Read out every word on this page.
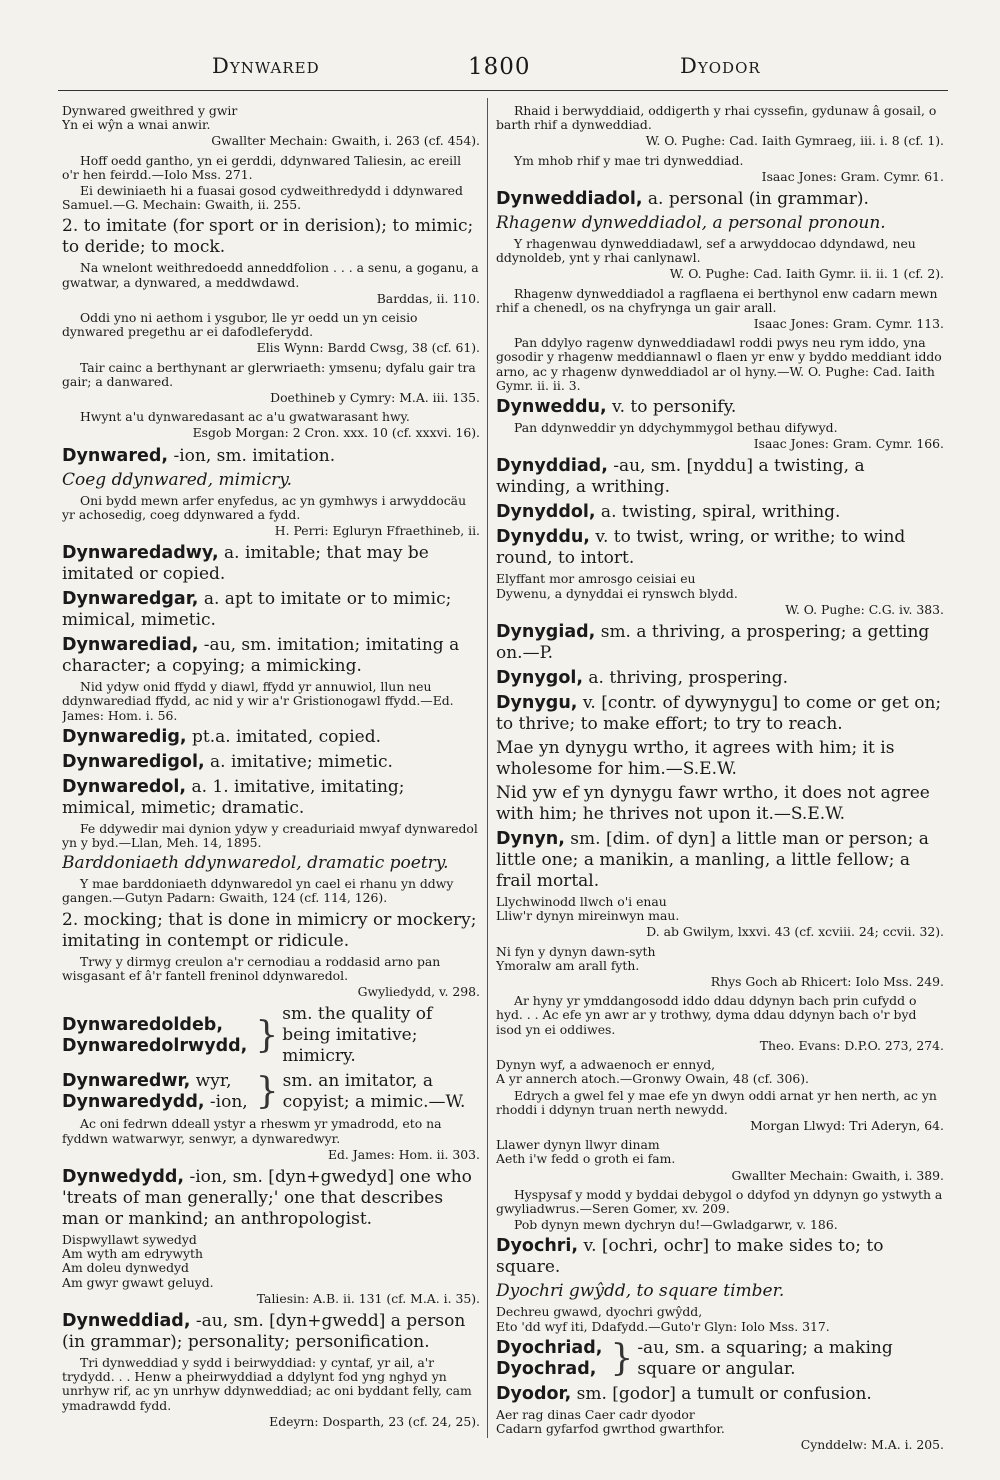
Dynwared	1800	Dyodor
Dynwared gweithred y gwir
Yn ei wŷn a wnai anwir.
Gwallter Mechain: Gwaith, i. 263 (cf. 454).
Hoff oedd gantho, yn ei gerddi, ddynwared Taliesin, ac ereill o'r hen feirdd.—Iolo Mss. 271.
Ei dewiniaeth hi a fuasai gosod cydweithredydd i ddynwared Samuel.—G. Mechain: Gwaith, ii. 255.
2. to imitate (for sport or in derision); to mimic; to deride; to mock.
Na wnelont weithredoedd anneddfolion . . . a senu, a goganu, a gwatwar, a dynwared, a meddwdawd.
Barddas, ii. 110.
Oddi yno ni aethom i ysgubor, lle yr oedd un yn ceisio dynwared pregethu ar ei dafodleferydd.
Elis Wynn: Bardd Cwsg, 38 (cf. 61).
Tair cainc a berthynant ar glerwriaeth: ymsenu; dyfalu gair tra gair; a danwared.
Doethineb y Cymry: M.A. iii. 135.
Hwynt a'u dynwaredasant ac a'u gwatwarasant hwy.
Esgob Morgan: 2 Cron. xxx. 10 (cf. xxxvi. 16).
Dynwared, -ion, sm. imitation.
Coeg ddynwared, mimicry.
Oni bydd mewn arfer enyfedus, ac yn gymhwys i arwyddocäu yr achosedig, coeg ddynwared a fydd.
H. Perri: Egluryn Ffraethineb, ii.
Dynwaredadwy, a. imitable; that may be imitated or copied.
Dynwaredgar, a. apt to imitate or to mimic; mimical, mimetic.
Dynwarediad, -au, sm. imitation; imitating a character; a copying; a mimicking.
Nid ydyw onid ffydd y diawl, ffydd yr annuwiol, llun neu ddynwarediad ffydd, ac nid y wir a'r Gristionogawl ffydd.—Ed. James: Hom. i. 56.
Dynwaredig, pt.a. imitated, copied.
Dynwaredigol, a. imitative; mimetic.
Dynwaredol, a. 1. imitative, imitating; mimical, mimetic; dramatic.
Fe ddywedir mai dynion ydyw y creaduriaid mwyaf dynwaredol yn y byd.—Llan, Meh. 14, 1895.
Barddoniaeth ddynwaredol, dramatic poetry.
Y mae barddoniaeth ddynwaredol yn cael ei rhanu yn ddwy gangen.—Gutyn Padarn: Gwaith, 124 (cf. 114, 126).
2. mocking; that is done in mimicry or mockery; imitating in contempt or ridicule.
Trwy y dirmyg creulon a'r cernodiau a roddasid arno pan wisgasant ef â'r fantell freninol ddynwaredol.
Gwyliedydd, v. 298.
Dynwaredoldeb,
Dynwaredolrwydd, }
sm. the quality of being imitative; mimicry.
Dynwaredwr, wyr,
Dynwaredydd, -ion, } sm. an imitator, a copyist; a mimic.—W.
Ac oni fedrwn ddeall ystyr a rheswm yr ymadrodd, eto na fyddwn watwarwyr, senwyr, a dynwaredwyr.
Ed. James: Hom. ii. 303.
Dynwedydd, -ion, sm. [dyn+gwedyd] one who 'treats of man generally;' one that describes man or mankind; an anthropologist.
Dispwyllawt sywedyd
Am wyth am edrywyth
Am doleu dynwedyd
Am gwyr gwawt geluyd.
Taliesin: A.B. ii. 131 (cf. M.A. i. 35).
Dynweddiad, -au, sm. [dyn+gwedd] a person (in grammar); personality; personification.
Tri dynweddiad y sydd i beirwyddiad: y cyntaf, yr ail, a'r trydydd. . . Henw a pheirwyddiad a ddylynt fod yng nghyd yn unrhyw rif, ac yn unrhyw ddynweddiad; ac oni byddant felly, cam ymadrawdd fydd.
Edeyrn: Dosparth, 23 (cf. 24, 25).
Rhaid i berwyddiaid, oddigerth y rhai cyssefin, gydunaw â gosail, o barth rhif a dynweddiad.
W. O. Pughe: Cad. Iaith Gymraeg, iii. i. 8 (cf. 1).
Ym mhob rhif y mae tri dynweddiad.
Isaac Jones: Gram. Cymr. 61.
Dynweddiadol, a. personal (in grammar).
Rhagenw dynweddiadol, a personal pronoun.
Y rhagenwau dynweddiadawl, sef a arwyddocao ddyndawd, neu ddynoldeb, ynt y rhai canlynawl.
W. O. Pughe: Cad. Iaith Gymr. ii. ii. 1 (cf. 2).
Rhagenw dynweddiadol a ragflaena ei berthynol enw cadarn mewn rhif a chenedl, os na chyfrynga un gair arall.
Isaac Jones: Gram. Cymr. 113.
Pan ddylyo ragenw dynweddiadawl roddi pwys neu rym iddo, yna gosodir y rhagenw meddiannawl o flaen yr enw y byddo meddiant iddo arno, ac y rhagenw dynweddiadol ar ol hyny.—W. O. Pughe: Cad. Iaith Gymr. ii. ii. 3.
Dynweddu, v. to personify.
Pan ddynweddir yn ddychymmygol bethau difywyd.
Isaac Jones: Gram. Cymr. 166.
Dynyddiad, -au, sm. [nyddu] a twisting, a winding, a writhing.
Dynyddol, a. twisting, spiral, writhing.
Dynyddu, v. to twist, wring, or writhe; to wind round, to intort.
Elyffant mor amrosgo ceisiai eu
Dywenu, a dynyddai ei rynswch blydd.
W. O. Pughe: C.G. iv. 383.
Dynygiad, sm. a thriving, a prospering; a getting on.—P.
Dynygol, a. thriving, prospering.
Dynygu, v. [contr. of dywynygu] to come or get on; to thrive; to make effort; to try to reach.
Mae yn dynygu wrtho, it agrees with him; it is wholesome for him.—S.E.W.
Nid yw ef yn dynygu fawr wrtho, it does not agree with him; he thrives not upon it.—S.E.W.
Dynyn, sm. [dim. of dyn] a little man or person; a little one; a manikin, a manling, a little fellow; a frail mortal.
Llychwinodd llwch o'i enau
Lliw'r dynyn mireinwyn mau.
D. ab Gwilym, lxxvi. 43 (cf. xcviii. 24; ccvii. 32).
Ni fyn y dynyn dawn-syth
Ymoralw am arall fyth.
Rhys Goch ab Rhicert: Iolo Mss. 249.
Ar hyny yr ymddangosodd iddo ddau ddynyn bach prin cufydd o hyd. . . Ac efe yn awr ar y trothwy, dyma ddau ddynyn bach o'r byd isod yn ei oddiwes.
Theo. Evans: D.P.O. 273, 274.
Dynyn wyf, a adwaenoch er ennyd,
A yr annerch atoch.—Gronwy Owain, 48 (cf. 306).
Edrych a gwel fel y mae efe yn dwyn oddi arnat yr hen nerth, ac yn rhoddi i ddynyn truan nerth newydd.
Morgan Llwyd: Tri Aderyn, 64.
Llawer dynyn llwyr dinam
Aeth i'w fedd o groth ei fam.
Gwallter Mechain: Gwaith, i. 389.
Hyspysaf y modd y byddai debygol o ddyfod yn ddynyn go ystwyth a gwyliadwrus.—Seren Gomer, xv. 209.
Pob dynyn mewn dychryn du!—Gwladgarwr, v. 186.
Dyochri, v. [ochri, ochr] to make sides to; to square.
Dyochri gwŷdd, to square timber.
Dechreu gwawd, dyochri gwŷdd,
Eto 'dd wyf iti, Ddafydd.—Guto'r Glyn: Iolo Mss. 317.
Dyochriad,
Dyochrad, } -au, sm. a squaring; a making square or angular.
Dyodor, sm. [godor] a tumult or confusion.
Aer rag dinas Caer cadr dyodor
Cadarn gyfarfod gwrthod gwarthfor.
Cynddelw: M.A. i. 205.
